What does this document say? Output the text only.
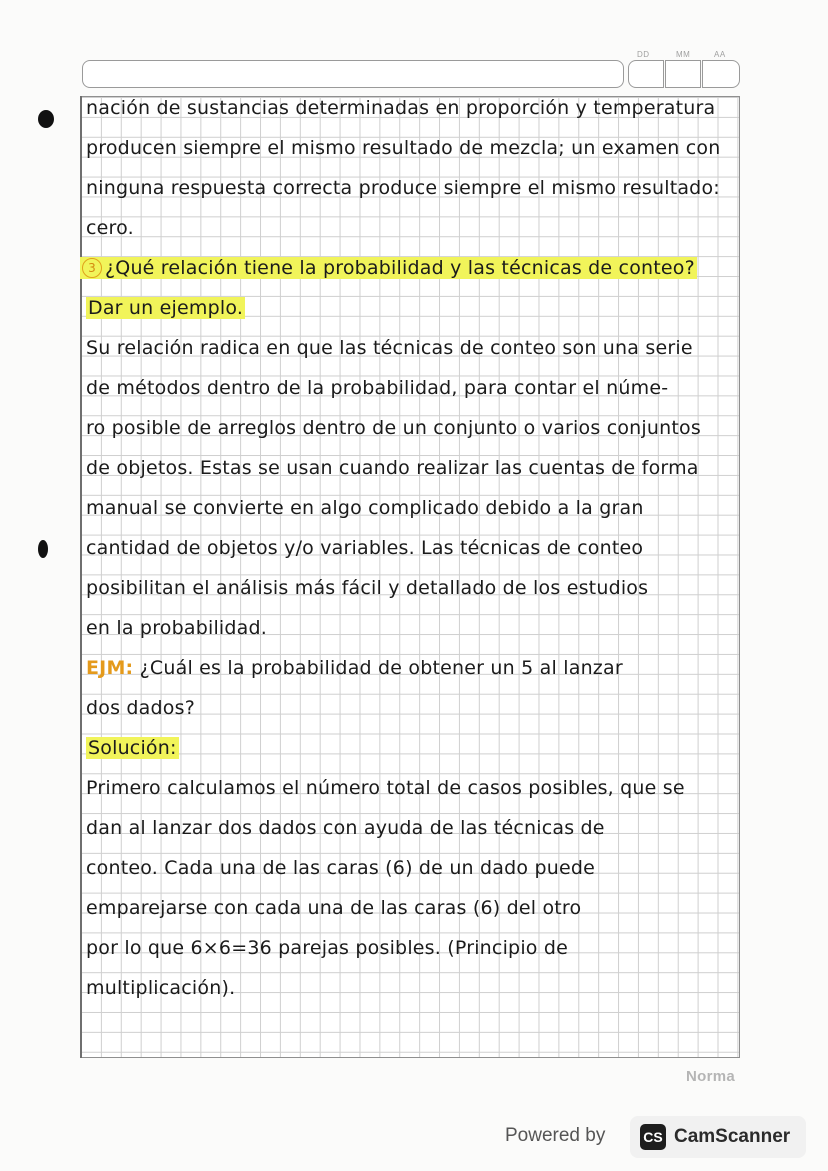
DD	MM	AA
nación de sustancias determinadas en proporción y temperatura
producen siempre el mismo resultado de mezcla; un examen con
ninguna respuesta correcta produce siempre el mismo resultado:
cero.
3 ¿Qué relación tiene la probabilidad y las técnicas de conteo?
Dar un ejemplo.
Su relación radica en que las técnicas de conteo son una serie
de métodos dentro de la probabilidad, para contar el núme-
ro posible de arreglos dentro de un conjunto o varios conjuntos
de objetos. Estas se usan cuando realizar las cuentas de forma
manual se convierte en algo complicado debido a la gran
cantidad de objetos y/o variables. Las técnicas de conteo
posibilitan el análisis más fácil y detallado de los estudios
en la probabilidad.
EJM: ¿Cuál es la probabilidad de obtener un 5 al lanzar
dos dados?
Solución:
Primero calculamos el número total de casos posibles, que se
dan al lanzar dos dados con ayuda de las técnicas de
conteo. Cada una de las caras (6) de un dado puede
emparejarse con cada una de las caras (6) del otro
por lo que 6×6=36 parejas posibles. (Principio de
multiplicación).
Norma
Powered by	CS CamScanner
